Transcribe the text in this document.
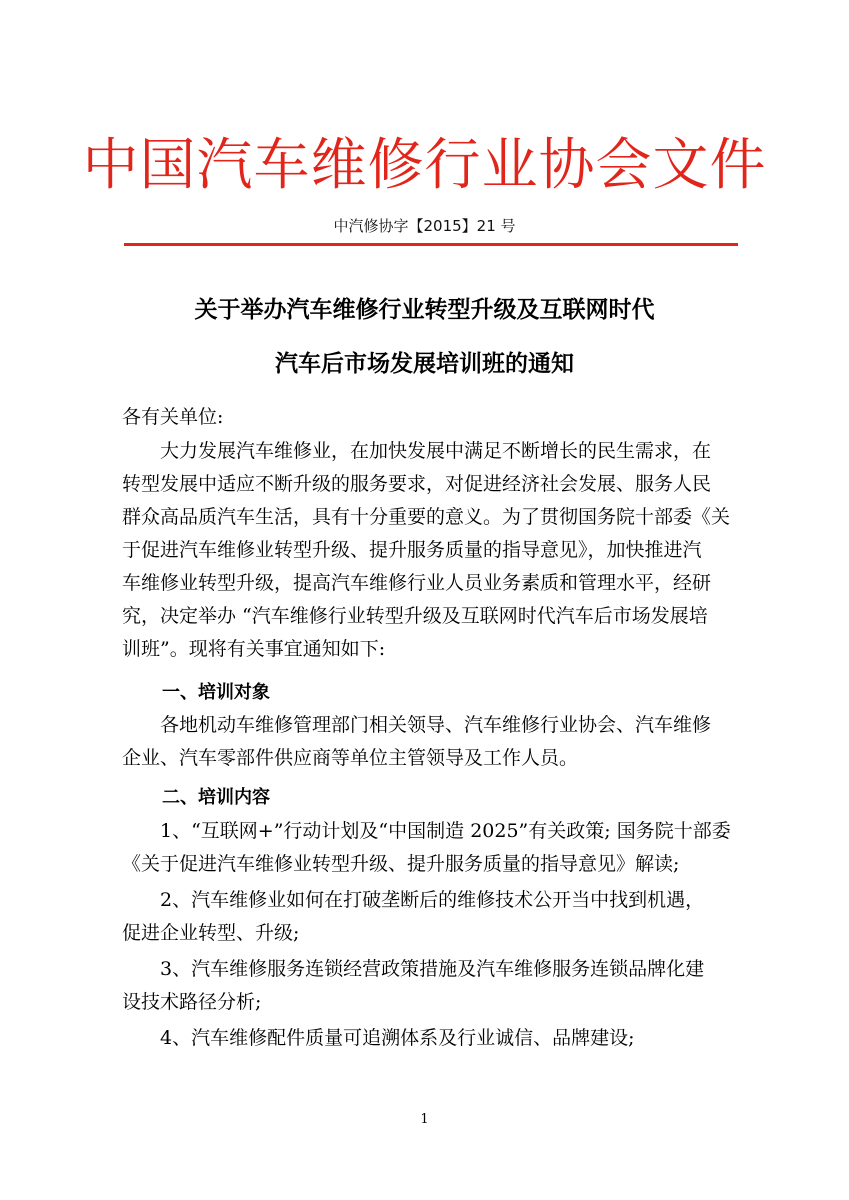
中国汽车维修行业协会文件
中汽修协字【2015】21 号
关于举办汽车维修行业转型升级及互联网时代
汽车后市场发展培训班的通知
各有关单位:
　　大力发展汽车维修业，在加快发展中满足不断增长的民生需求，在
转型发展中适应不断升级的服务要求，对促进经济社会发展、服务人民
群众高品质汽车生活，具有十分重要的意义。为了贯彻国务院十部委《关
于促进汽车维修业转型升级、提升服务质量的指导意见》，加快推进汽
车维修业转型升级，提高汽车维修行业人员业务素质和管理水平，经研
究，决定举办 “汽车维修行业转型升级及互联网时代汽车后市场发展培
训班”。现将有关事宜通知如下:
一、培训对象
　　各地机动车维修管理部门相关领导、汽车维修行业协会、汽车维修
企业、汽车零部件供应商等单位主管领导及工作人员。
二、培训内容
　　1、“互联网+”行动计划及“中国制造 2025”有关政策; 国务院十部委
《关于促进汽车维修业转型升级、提升服务质量的指导意见》解读;
　　2、汽车维修业如何在打破垄断后的维修技术公开当中找到机遇，
促进企业转型、升级;
　　3、汽车维修服务连锁经营政策措施及汽车维修服务连锁品牌化建
设技术路径分析;
　　4、汽车维修配件质量可追溯体系及行业诚信、品牌建设;
1
